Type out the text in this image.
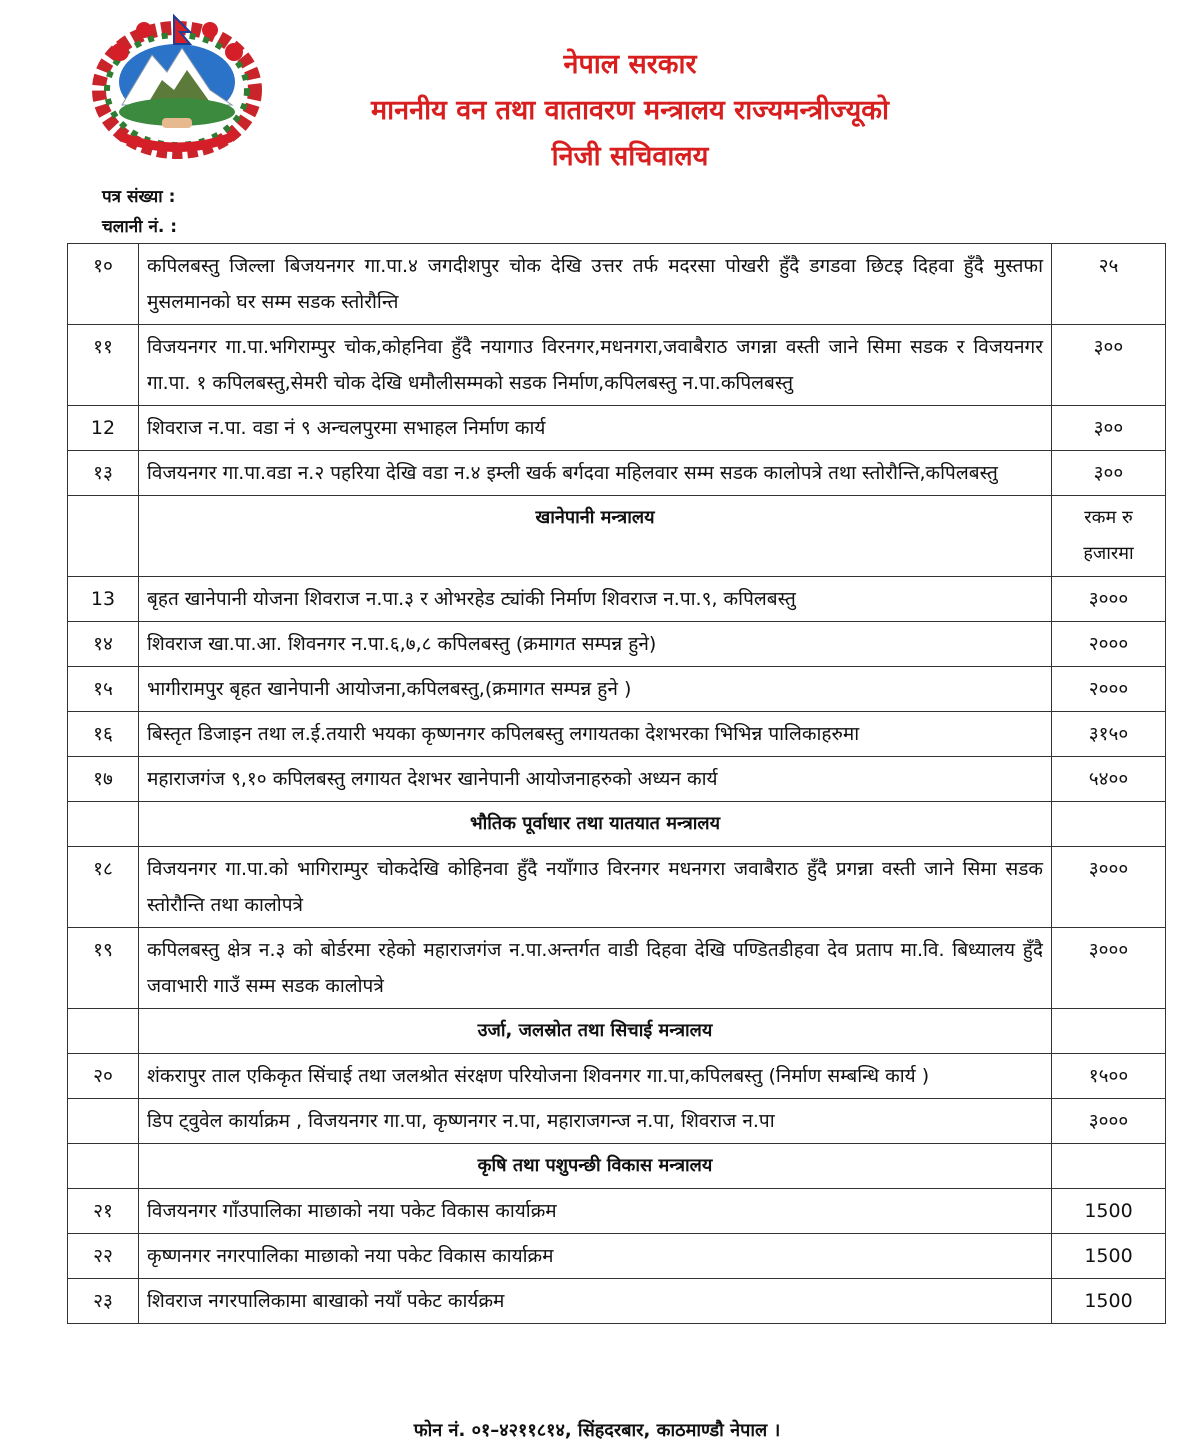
नेपाल सरकार
माननीय वन तथा वातावरण मन्त्रालय राज्यमन्त्रीज्यूको
निजी सचिवालय
पत्र संख्या :
चलानी नं. :
१०	कपिलबस्तु जिल्ला बिजयनगर गा.पा.४ जगदीशपुर चोक देखि उत्तर तर्फ मदरसा पोखरी हुँदै डगडवा छिटइ दिहवा हुँदै मुस्तफा मुसलमानको घर सम्म सडक स्तोरौन्ति	२५
११	विजयनगर गा.पा.भगिराम्पुर चोक,कोहनिवा हुँदै नयागाउ विरनगर,मधनगरा,जवाबैराठ जगन्ना वस्ती जाने सिमा सडक र विजयनगर गा.पा. १ कपिलबस्तु,सेमरी चोक देखि धमौलीसम्मको सडक निर्माण,कपिलबस्तु न.पा.कपिलबस्तु	३००
12	शिवराज न.पा. वडा नं ९ अन्चलपुरमा सभाहल निर्माण कार्य	३००
१३	विजयनगर गा.पा.वडा न.२ पहरिया देखि वडा न.४ इम्ली खर्क बर्गदवा महिलवार सम्म सडक कालोपत्रे तथा स्तोरौन्ति,कपिलबस्तु	३००
	खानेपानी मन्त्रालय	रकम रु
हजारमा

13	बृहत खानेपानी योजना शिवराज न.पा.३ र ओभरहेड ट्यांकी निर्माण शिवराज न.पा.९, कपिलबस्तु	३०००
१४	शिवराज खा.पा.आ. शिवनगर न.पा.६,७,८ कपिलबस्तु (क्रमागत सम्पन्न हुने)	२०००
१५	भागीरामपुर बृहत खानेपानी आयोजना,कपिलबस्तु,(क्रमागत सम्पन्न हुने )	२०००
१६	बिस्तृत डिजाइन तथा ल.ई.तयारी भयका कृष्णनगर कपिलबस्तु लगायतका देशभरका भिभिन्न पालिकाहरुमा	३१५०
१७	महाराजगंज ९,१० कपिलबस्तु लगायत देशभर खानेपानी आयोजनाहरुको अध्यन कार्य	५४००
	भौतिक पूर्वाधार तथा यातयात मन्त्रालय	
१८	विजयनगर गा.पा.को भागिराम्पुर चोकदेखि कोहिनवा हुँदै नयाँगाउ विरनगर मधनगरा जवाबैराठ हुँदै प्रगन्ना वस्ती जाने सिमा सडक स्तोरौन्ति तथा कालोपत्रे	३०००
१९	कपिलबस्तु क्षेत्र न.३ को बोर्डरमा रहेको महाराजगंज न.पा.अन्तर्गत वाडी दिहवा देखि पण्डितडीहवा देव प्रताप मा.वि. बिध्यालय हुँदै जवाभारी गाउँ सम्म सडक कालोपत्रे	३०००
	उर्जा, जलस्रोत तथा सिचाई मन्त्रालय	
२०	शंकरापुर ताल एकिकृत सिंचाई तथा जलश्रोत संरक्षण परियोजना शिवनगर गा.पा,कपिलबस्तु (निर्माण सम्बन्धि कार्य )	१५००
	डिप ट्वुवेल कार्याक्रम , विजयनगर गा.पा, कृष्णनगर न.पा, महाराजगन्ज न.पा, शिवराज न.पा	३०००
	कृषि तथा पशुपन्छी विकास मन्त्रालय	
२१	विजयनगर गाँउपालिका माछाको नया पकेट विकास कार्याक्रम	1500
२२	कृष्णनगर नगरपालिका माछाको नया पकेट विकास कार्याक्रम	1500
२३	शिवराज नगरपालिकामा बाखाको नयाँ पकेट कार्यक्रम	1500
फोन नं. ०१–४२११८१४, सिंहदरबार, काठमाण्डौ नेपाल ।
